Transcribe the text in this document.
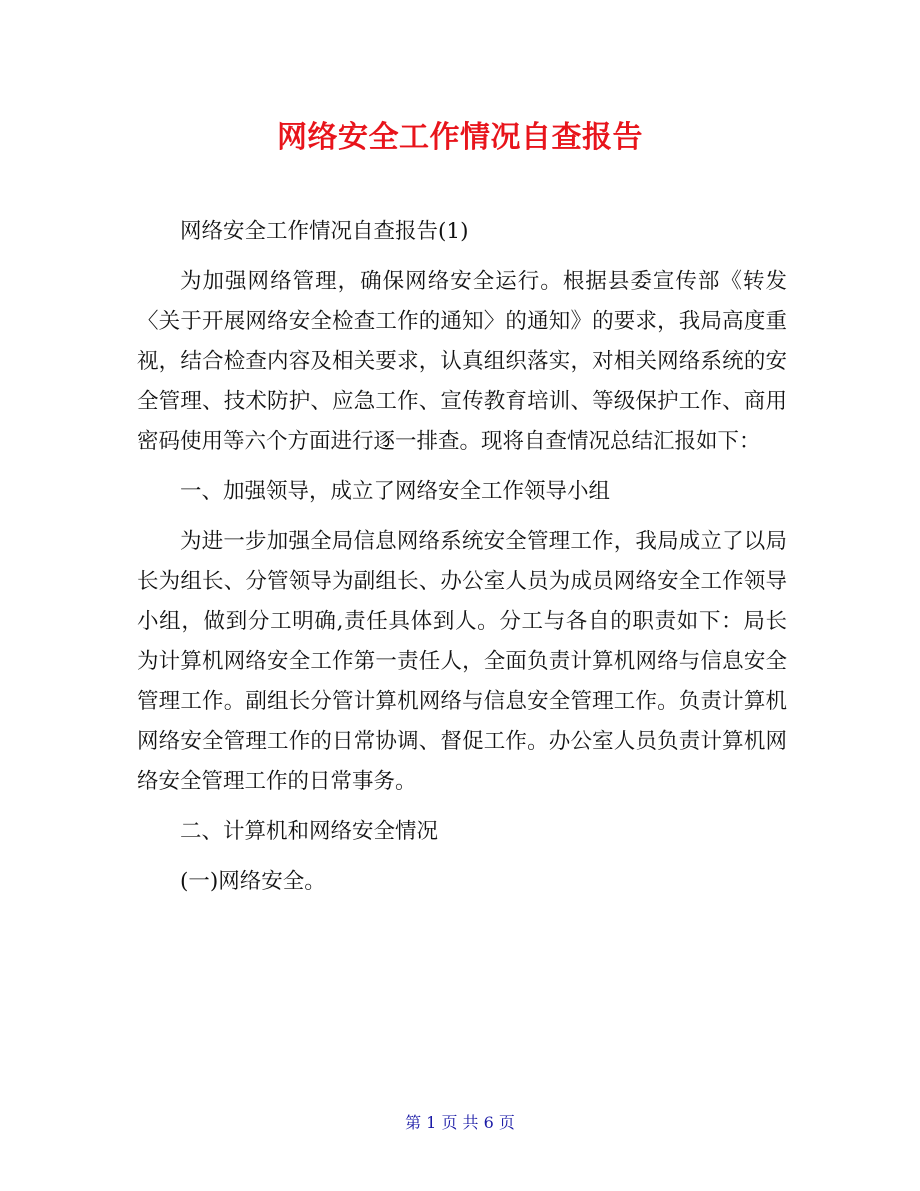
网络安全工作情况自查报告

网络安全工作情况自查报告(1)

为加强网络管理，确保网络安全运行。根据县委宣传部《转发〈关于开展网络安全检查工作的通知〉的通知》的要求，我局高度重视，结合检查内容及相关要求，认真组织落实，对相关网络系统的安全管理、技术防护、应急工作、宣传教育培训、等级保护工作、商用密码使用等六个方面进行逐一排查。现将自查情况总结汇报如下：

一、加强领导，成立了网络安全工作领导小组

为进一步加强全局信息网络系统安全管理工作，我局成立了以局长为组长、分管领导为副组长、办公室人员为成员网络安全工作领导小组，做到分工明确,责任具体到人。分工与各自的职责如下：局长为计算机网络安全工作第一责任人，全面负责计算机网络与信息安全管理工作。副组长分管计算机网络与信息安全管理工作。负责计算机网络安全管理工作的日常协调、督促工作。办公室人员负责计算机网络安全管理工作的日常事务。

二、计算机和网络安全情况

(一)网络安全。

第 1 页 共 6 页
